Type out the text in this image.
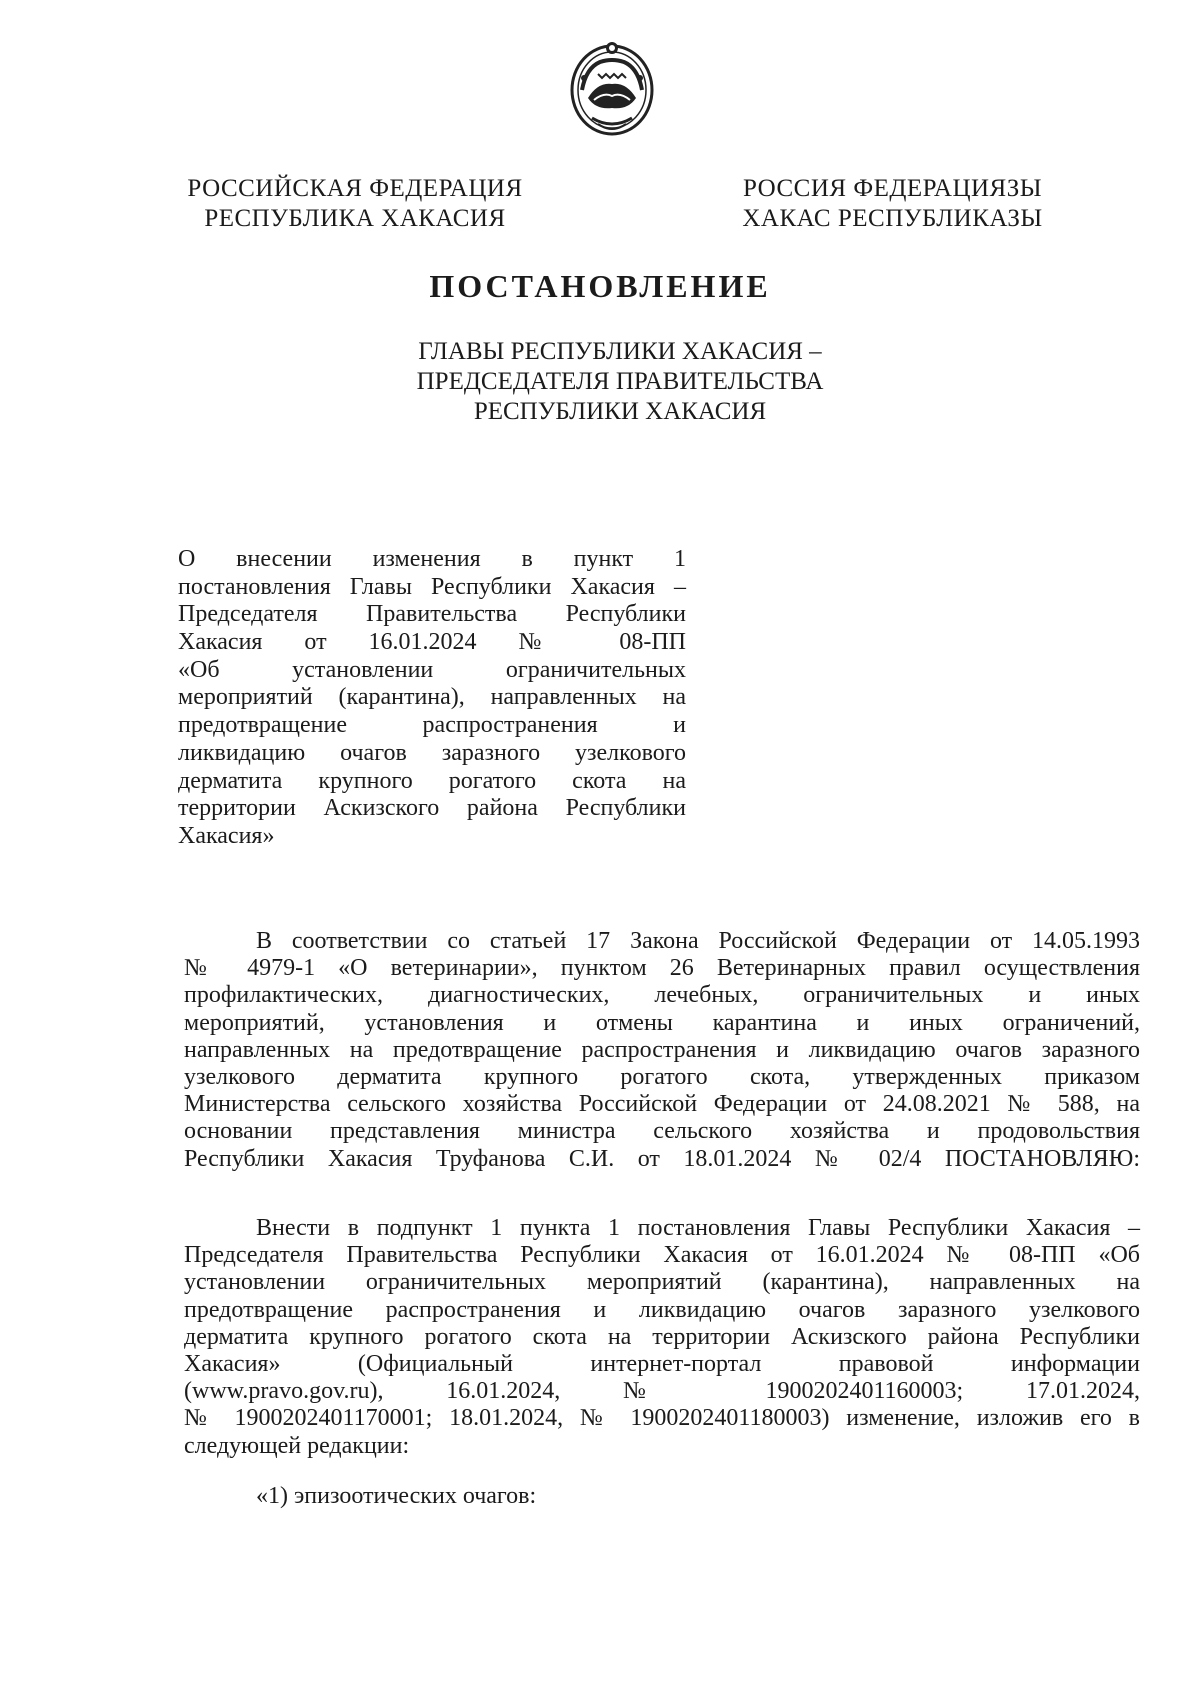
РОССИЙСКАЯ ФЕДЕРАЦИЯ
РЕСПУБЛИКА ХАКАСИЯ
РОССИЯ ФЕДЕРАЦИЯЗЫ
ХАКАС РЕСПУБЛИКАЗЫ
ПОСТАНОВЛЕНИЕ
ГЛАВЫ РЕСПУБЛИКИ ХАКАСИЯ –
ПРЕДСЕДАТЕЛЯ ПРАВИТЕЛЬСТВА
РЕСПУБЛИКИ ХАКАСИЯ
О внесении изменения в пункт 1
постановления Главы Республики Хакасия –
Председателя Правительства Республики
Хакасия от 16.01.2024 № 08-ПП
«Об установлении ограничительных
мероприятий (карантина), направленных на
предотвращение распространения и
ликвидацию очагов заразного узелкового
дерматита крупного рогатого скота на
территории Аскизского района Республики
Хакасия»
В соответствии со статьей 17 Закона Российской Федерации от 14.05.1993
№ 4979-1 «О ветеринарии», пунктом 26 Ветеринарных правил осуществления
профилактических, диагностических, лечебных, ограничительных и иных
мероприятий, установления и отмены карантина и иных ограничений,
направленных на предотвращение распространения и ликвидацию очагов заразного
узелкового дерматита крупного рогатого скота, утвержденных приказом
Министерства сельского хозяйства Российской Федерации от 24.08.2021 № 588, на
основании представления министра сельского хозяйства и продовольствия
Республики Хакасия Труфанова С.И. от 18.01.2024 № 02/4 ПОСТАНОВЛЯЮ:
Внести в подпункт 1 пункта 1 постановления Главы Республики Хакасия –
Председателя Правительства Республики Хакасия от 16.01.2024 № 08-ПП «Об
установлении ограничительных мероприятий (карантина), направленных на
предотвращение распространения и ликвидацию очагов заразного узелкового
дерматита крупного рогатого скота на территории Аскизского района Республики
Хакасия» (Официальный интернет-портал правовой информации
(www.pravo.gov.ru), 16.01.2024, № 1900202401160003; 17.01.2024,
№ 1900202401170001; 18.01.2024, № 1900202401180003) изменение, изложив его в
следующей редакции:
«1) эпизоотических очагов:
